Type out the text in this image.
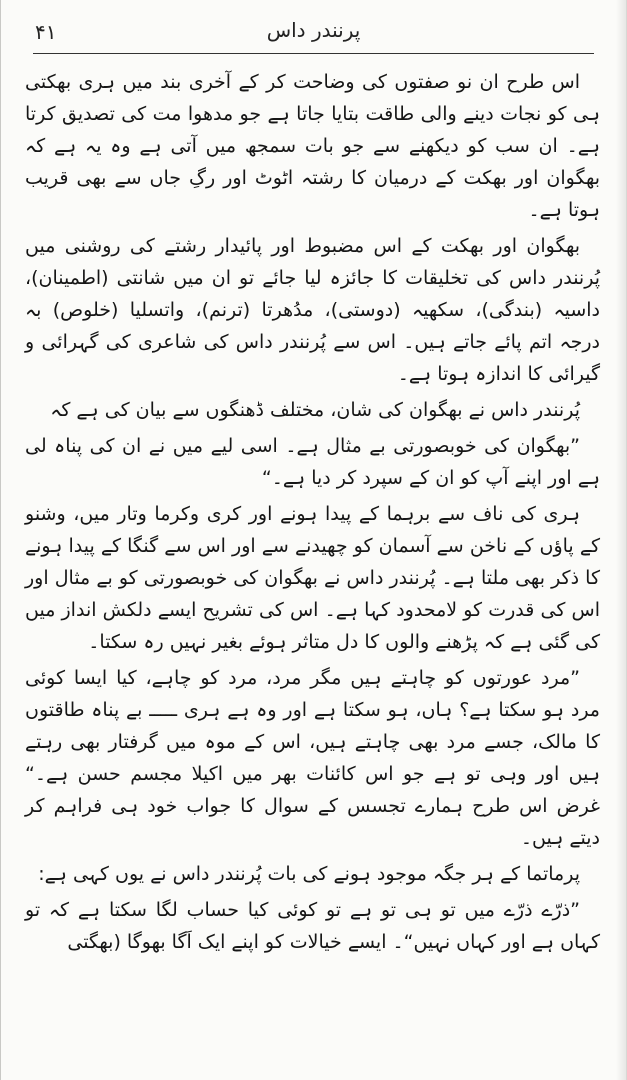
۴۱	پرنندر داس

اس طرح ان نو صفتوں کی وضاحت کر کے آخری بند میں ہری بھکتی ہی کو نجات دینے والی طاقت بتایا جاتا ہے جو مدھوا مت کی تصدیق کرتا ہے۔ ان سب کو دیکھنے سے جو بات سمجھ میں آتی ہے وہ یہ ہے کہ بھگوان اور بھکت کے درمیان کا رشتہ اٹوٹ اور رگِ جاں سے بھی قریب ہوتا ہے۔

بھگوان اور بھکت کے اس مضبوط اور پائیدار رشتے کی روشنی میں پُرنندر داس کی تخلیقات کا جائزہ لیا جائے تو ان میں شانتی (اطمینان)، داسیہ (بندگی)، سکھیہ (دوستی)، مدُھرتا (ترنم)، واتسلیا (خلوص) بہ درجہ اتم پائے جاتے ہیں۔ اس سے پُرنندر داس کی شاعری کی گہرائی و گیرائی کا اندازہ ہوتا ہے۔

پُرنندر داس نے بھگوان کی شان، مختلف ڈھنگوں سے بیان کی ہے کہ

”بھگوان کی خوبصورتی بے مثال ہے۔ اسی لیے میں نے ان کی پناہ لی ہے اور اپنے آپ کو ان کے سپرد کر دیا ہے۔“

ہری کی ناف سے برہما کے پیدا ہونے اور کری وکرما وتار میں، وشنو کے پاؤں کے ناخن سے آسمان کو چھیدنے سے اور اس سے گنگا کے پیدا ہونے کا ذکر بھی ملتا ہے۔ پُرنندر داس نے بھگوان کی خوبصورتی کو بے مثال اور اس کی قدرت کو لامحدود کہا ہے۔ اس کی تشریح ایسے دلکش انداز میں کی گئی ہے کہ پڑھنے والوں کا دل متاثر ہوئے بغیر نہیں رہ سکتا۔

”مرد عورتوں کو چاہتے ہیں مگر مرد، مرد کو چاہے، کیا ایسا کوئی مرد ہو سکتا ہے؟ ہاں، ہو سکتا ہے اور وہ ہے ہری ـــــ بے پناہ طاقتوں کا مالک، جسے مرد بھی چاہتے ہیں، اس کے موہ میں گرفتار بھی رہتے ہیں اور وہی تو ہے جو اس کائنات بھر میں اکیلا مجسم حسن ہے۔“ غرض اس طرح ہمارے تجسس کے سوال کا جواب خود ہی فراہم کر دیتے ہیں۔

پرماتما کے ہر جگہ موجود ہونے کی بات پُرنندر داس نے یوں کہی ہے:

”ذرّے ذرّے میں تو ہی تو ہے تو کوئی کیا حساب لگا سکتا ہے کہ تو کہاں ہے اور کہاں نہیں“۔ ایسے خیالات کو اپنے ایک اَگا بھوگا (بھگتی
